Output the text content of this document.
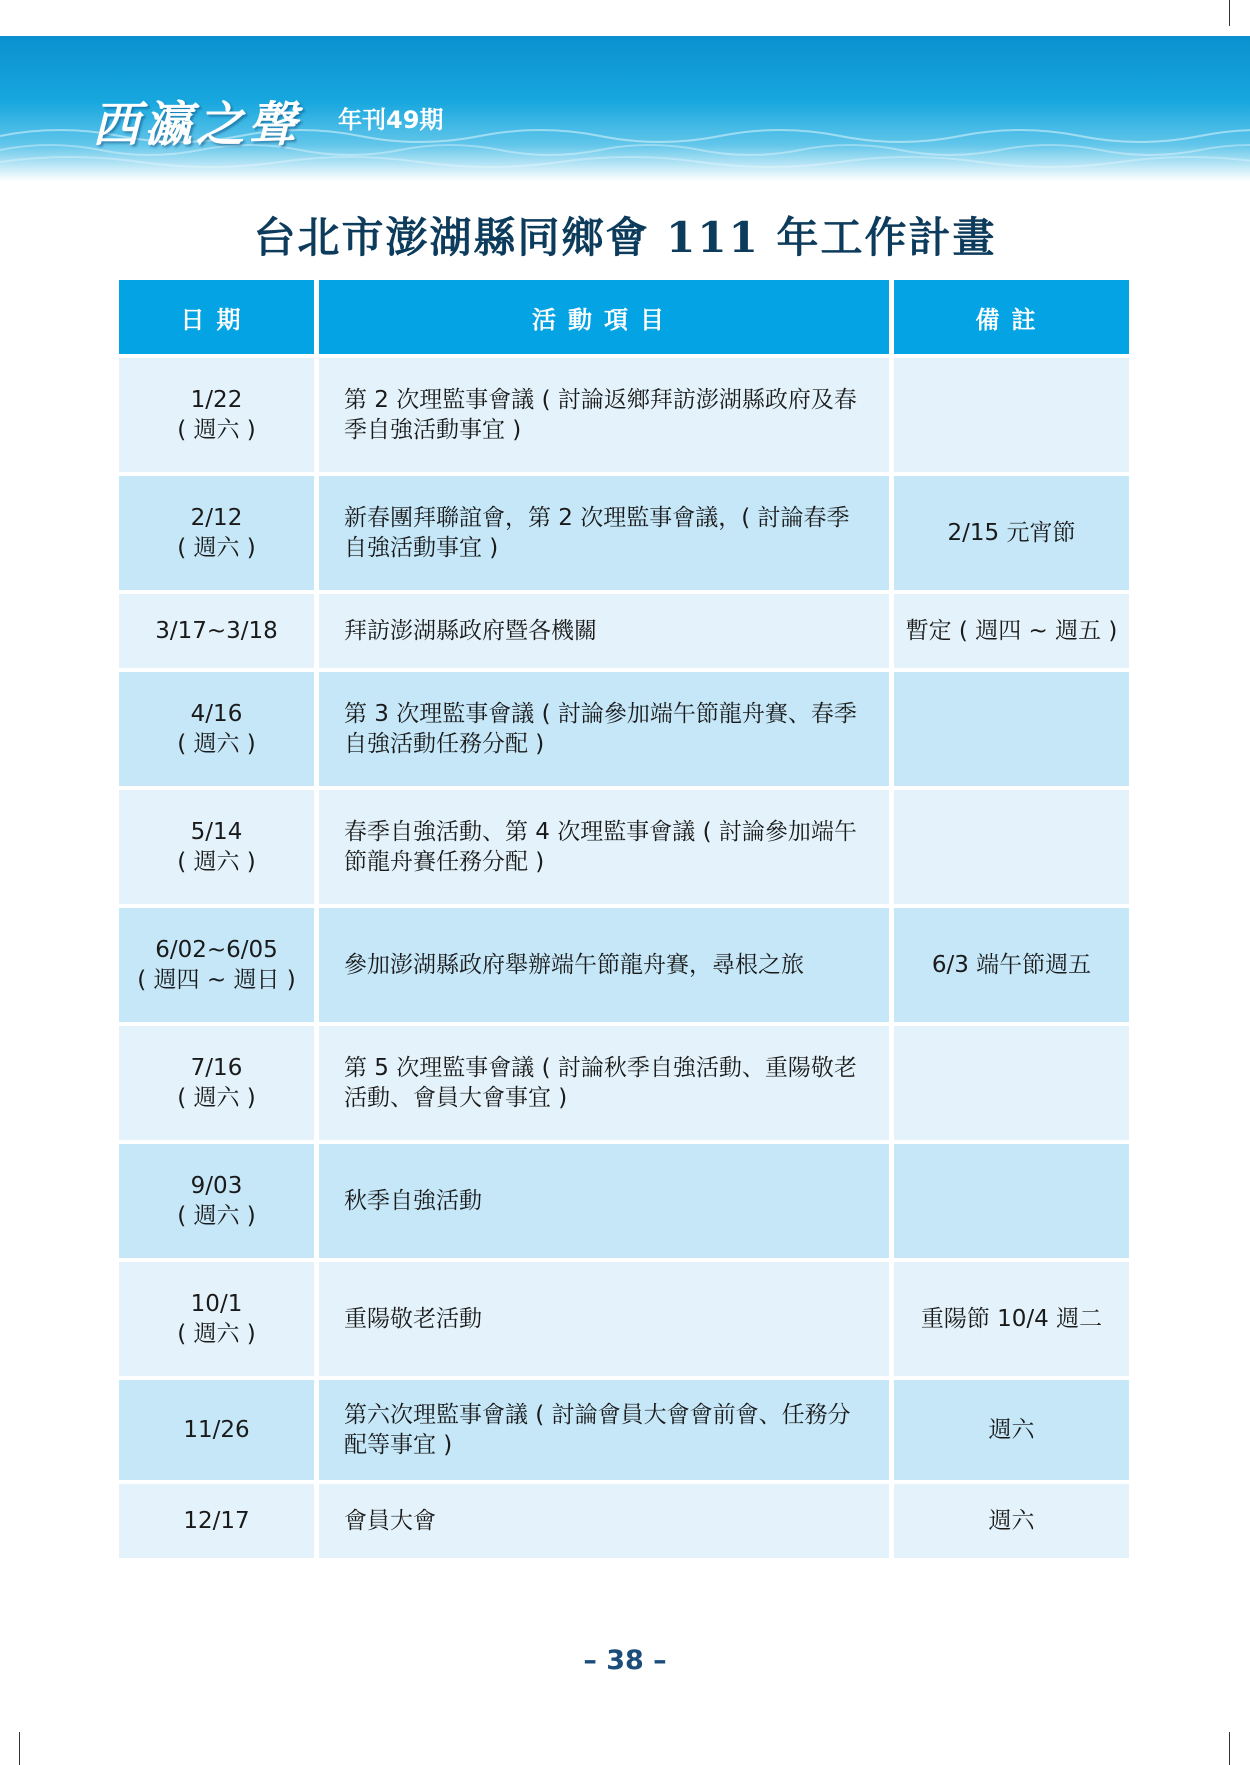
西瀛之聲 年刊49期

台北市澎湖縣同鄉會 111 年工作計畫
日期	活動項目	備註

1/22
( 週六 )	第 2 次理監事會議 ( 討論返鄉拜訪澎湖縣政府及春季自強活動事宜 )	

2/12
( 週六 )	新春團拜聯誼會，第 2 次理監事會議，( 討論春季自強活動事宜 )	2/15 元宵節

3/17~3/18	拜訪澎湖縣政府暨各機關	暫定 ( 週四 ~ 週五 )

4/16
( 週六 )	第 3 次理監事會議 ( 討論參加端午節龍舟賽、春季自強活動任務分配 )	

5/14
( 週六 )	春季自強活動、第 4 次理監事會議 ( 討論參加端午節龍舟賽任務分配 )	

6/02~6/05
( 週四 ~ 週日 )	參加澎湖縣政府舉辦端午節龍舟賽，尋根之旅	6/3 端午節週五

7/16
( 週六 )	第 5 次理監事會議 ( 討論秋季自強活動、重陽敬老活動、會員大會事宜 )	

9/03
( 週六 )	秋季自強活動	

10/1
( 週六 )	重陽敬老活動	重陽節 10/4 週二

11/26	第六次理監事會議 ( 討論會員大會會前會、任務分配等事宜 )	週六

12/17	會員大會	週六

– 38 –
